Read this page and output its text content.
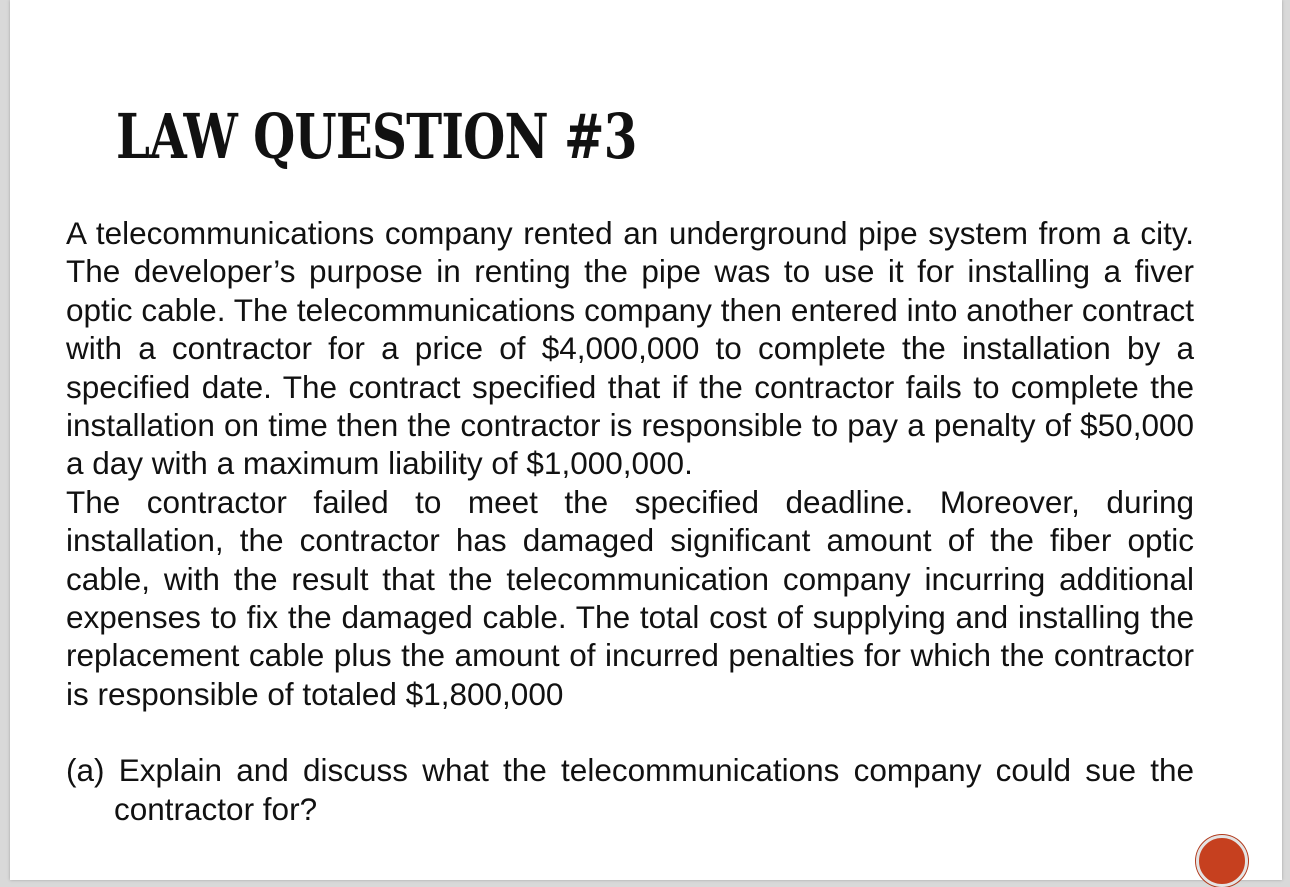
LAW QUESTION #3

A telecommunications company rented an underground pipe system from a city. The developer’s purpose in renting the pipe was to use it for installing a fiver optic cable. The telecommunications company then entered into another contract with a contractor for a price of $4,000,000 to complete the installation by a specified date. The contract specified that if the contractor fails to complete the installation on time then the contractor is responsible to pay a penalty of $50,000 a day with a maximum liability of $1,000,000.

The contractor failed to meet the specified deadline. Moreover, during installation, the contractor has damaged significant amount of the fiber optic cable, with the result that the telecommunication company incurring additional expenses to fix the damaged cable. The total cost of supplying and installing the replacement cable plus the amount of incurred penalties for which the contractor is responsible of totaled $1,800,000

(a) Explain and discuss what the telecommunications company could sue the contractor for?
